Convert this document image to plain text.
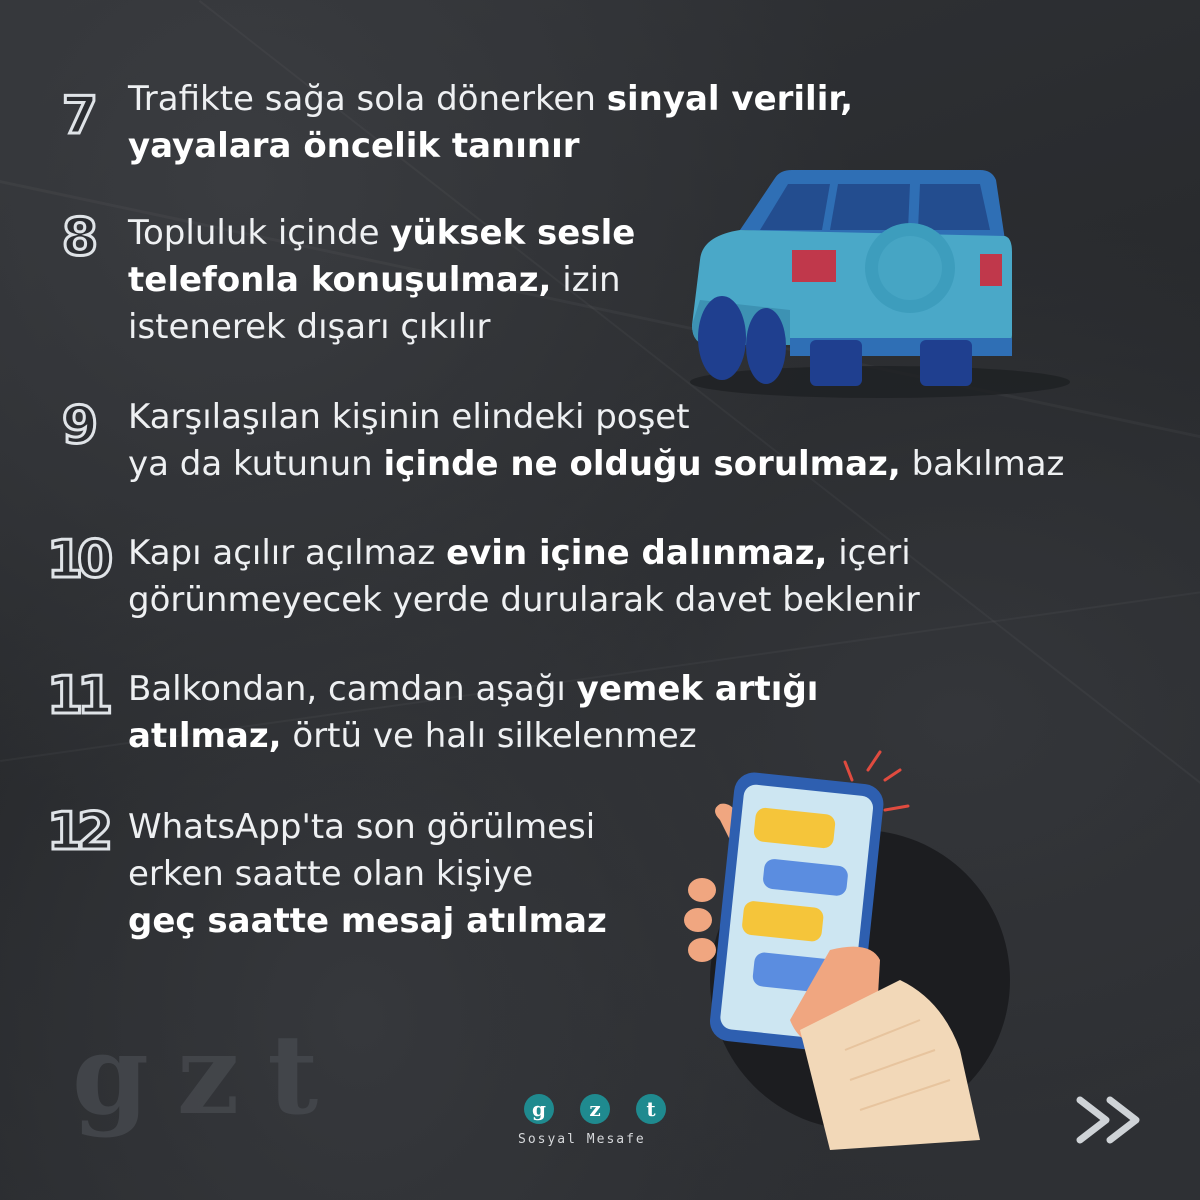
7	Trafikte sağa sola dönerken sinyal verilir,
yayalara öncelik tanınır
8	Topluluk içinde yüksek sesle
telefonla konuşulmaz, izin
istenerek dışarı çıkılır
9	Karşılaşılan kişinin elindeki poşet
ya da kutunun içinde ne olduğu sorulmaz, bakılmaz
10 Kapı açılır açılmaz evin içine dalınmaz, içeri
görünmeyecek yerde durularak davet beklenir
11 Balkondan, camdan aşağı yemek artığı
atılmaz, örtü ve halı silkelenmez
12 WhatsApp'ta son görülmesi
erken saatte olan kişiye
geç saatte mesaj atılmaz
gzt	g	z	t
Sosyal Mesafe
